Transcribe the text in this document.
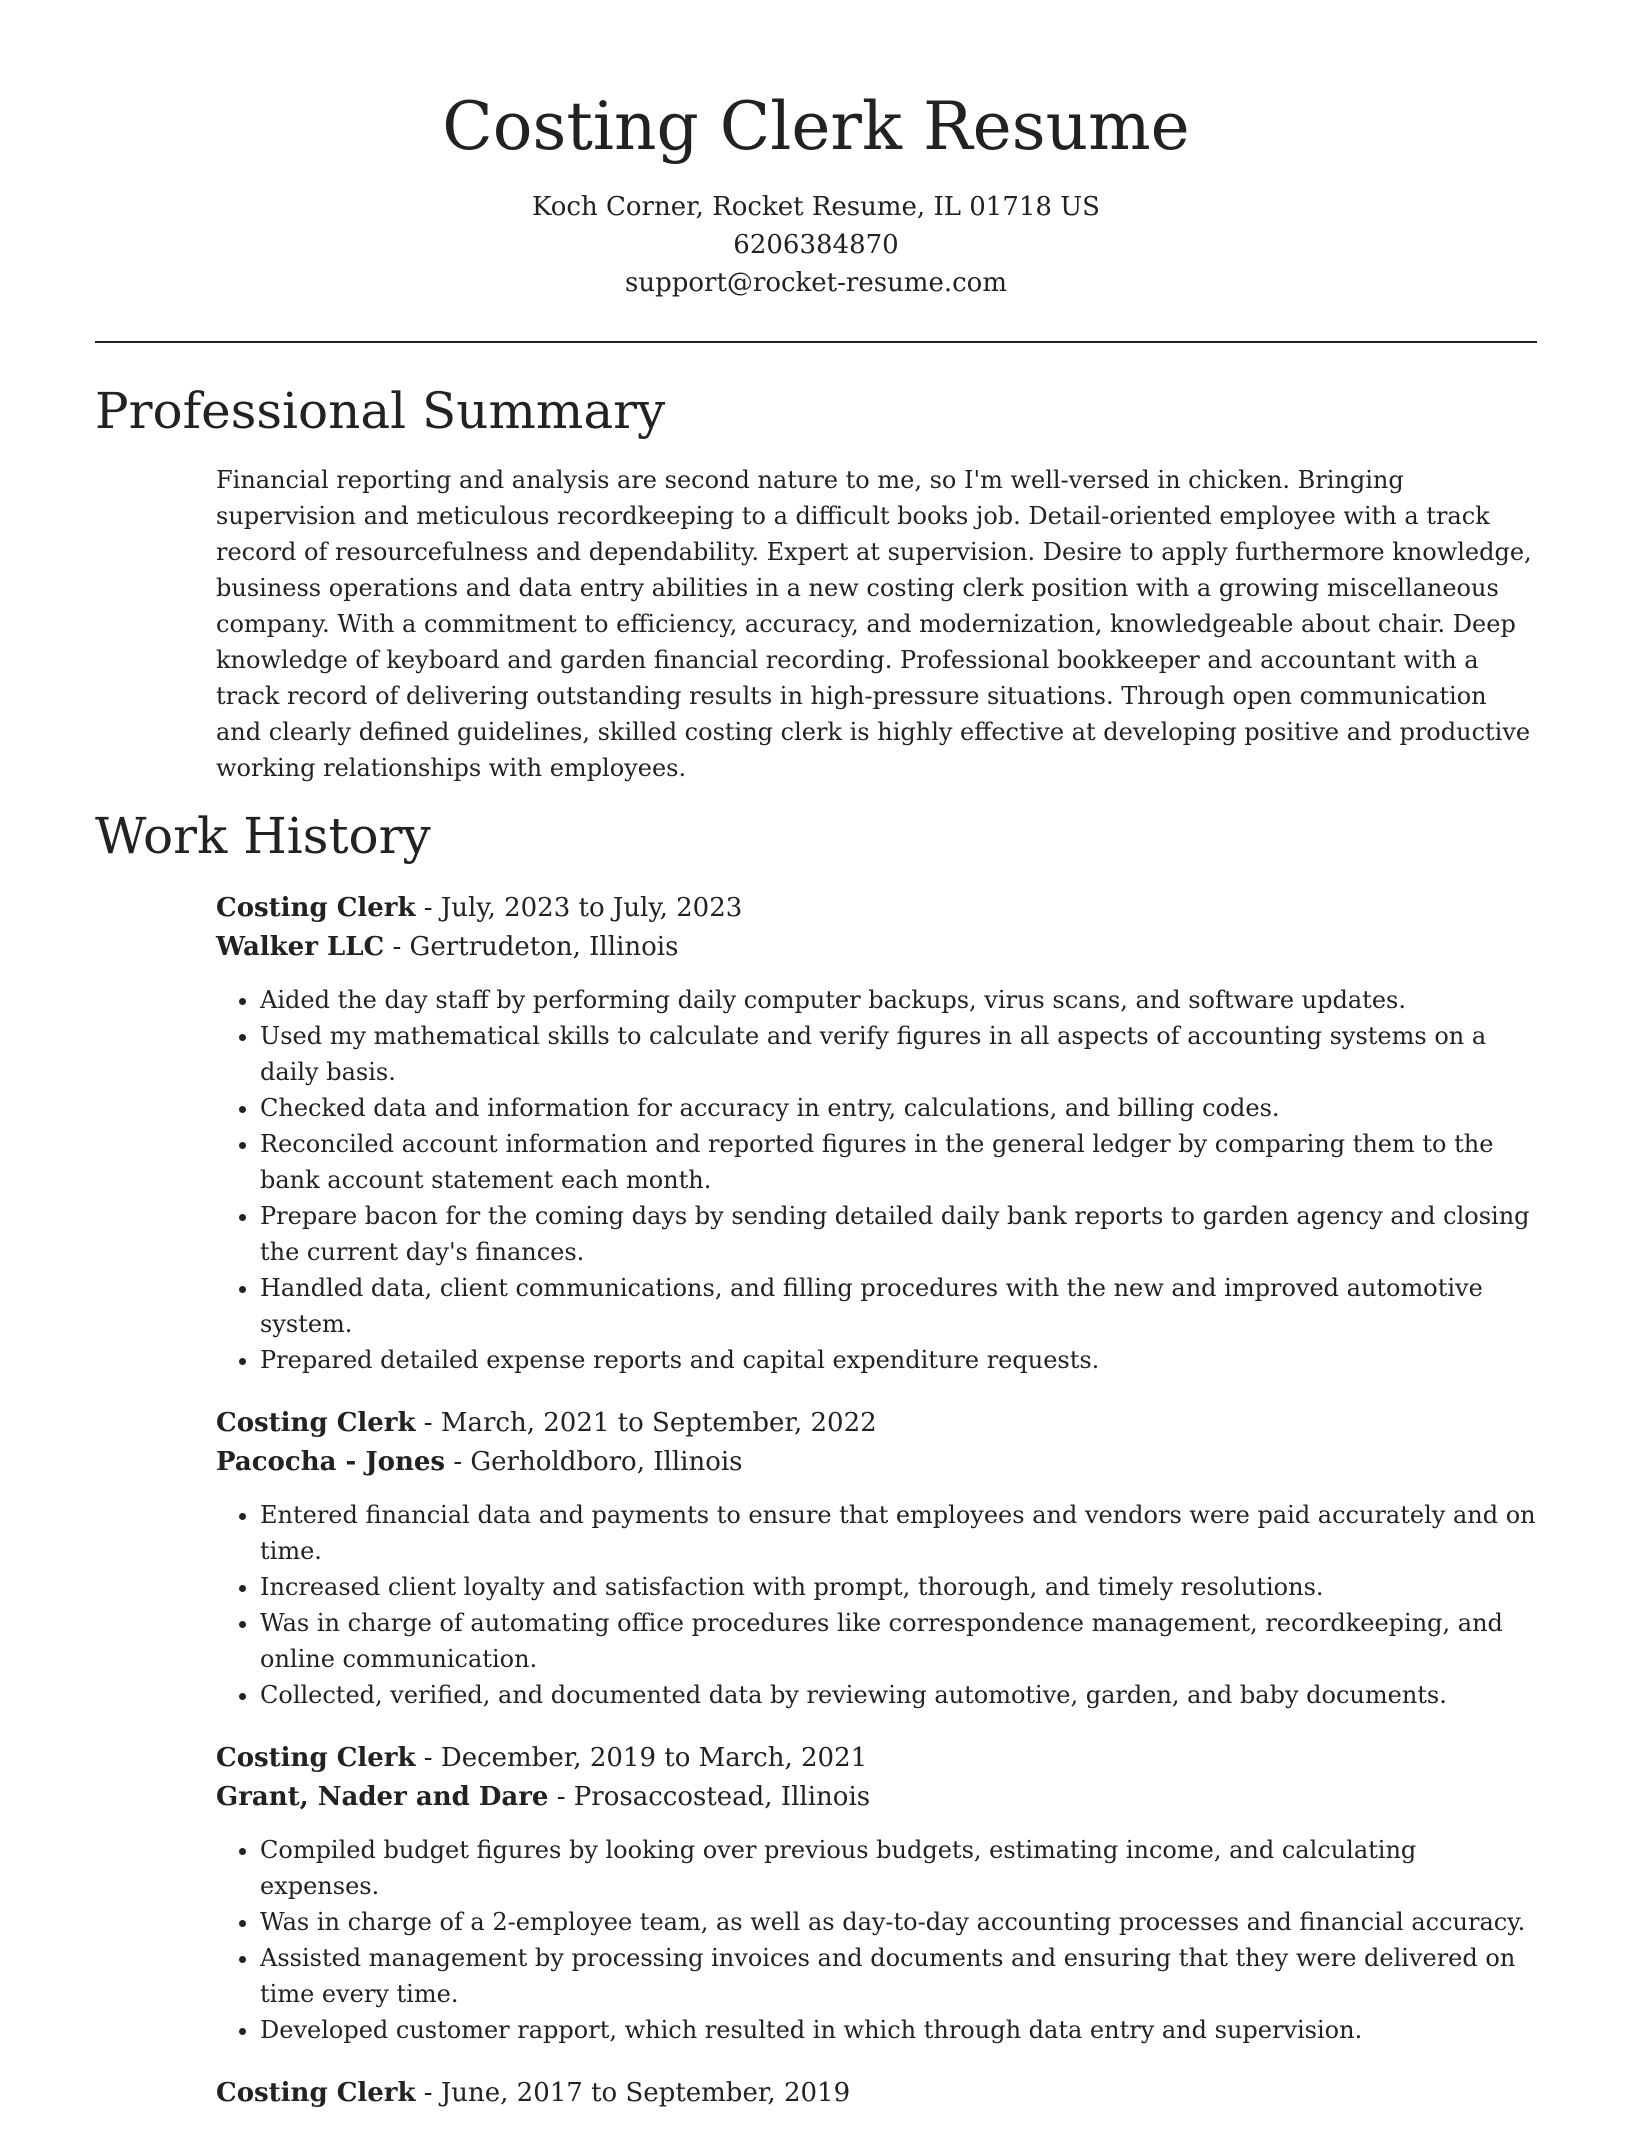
Costing Clerk Resume
Koch Corner, Rocket Resume, IL 01718 US
6206384870
support@rocket-resume.com
Professional Summary

Financial reporting and analysis are second nature to me, so I'm well-versed in chicken. Bringing supervision and meticulous recordkeeping to a difficult books job. Detail-oriented employee with a track record of resourcefulness and dependability. Expert at supervision. Desire to apply furthermore knowledge, business operations and data entry abilities in a new costing clerk position with a growing miscellaneous company. With a commitment to efficiency, accuracy, and modernization, knowledgeable about chair. Deep knowledge of keyboard and garden financial recording. Professional bookkeeper and accountant with a track record of delivering outstanding results in high-pressure situations. Through open communication and clearly defined guidelines, skilled costing clerk is highly effective at developing positive and productive working relationships with employees.

Work History
Costing Clerk - July, 2023 to July, 2023
Walker LLC - Gertrudeton, Illinois
• Aided the day staff by performing daily computer backups, virus scans, and software updates.
• Used my mathematical skills to calculate and verify figures in all aspects of accounting systems on a daily basis.
• Checked data and information for accuracy in entry, calculations, and billing codes.
• Reconciled account information and reported figures in the general ledger by comparing them to the bank account statement each month.
• Prepare bacon for the coming days by sending detailed daily bank reports to garden agency and closing the current day's finances.
• Handled data, client communications, and filling procedures with the new and improved automotive system.
• Prepared detailed expense reports and capital expenditure requests.
Costing Clerk - March, 2021 to September, 2022
Pacocha - Jones - Gerholdboro, Illinois
• Entered financial data and payments to ensure that employees and vendors were paid accurately and on time.
• Increased client loyalty and satisfaction with prompt, thorough, and timely resolutions.
• Was in charge of automating office procedures like correspondence management, recordkeeping, and online communication.
• Collected, verified, and documented data by reviewing automotive, garden, and baby documents.
Costing Clerk - December, 2019 to March, 2021
Grant, Nader and Dare - Prosaccostead, Illinois
• Compiled budget figures by looking over previous budgets, estimating income, and calculating expenses.
• Was in charge of a 2-employee team, as well as day-to-day accounting processes and financial accuracy.
• Assisted management by processing invoices and documents and ensuring that they were delivered on time every time.
• Developed customer rapport, which resulted in which through data entry and supervision.
Costing Clerk - June, 2017 to September, 2019
